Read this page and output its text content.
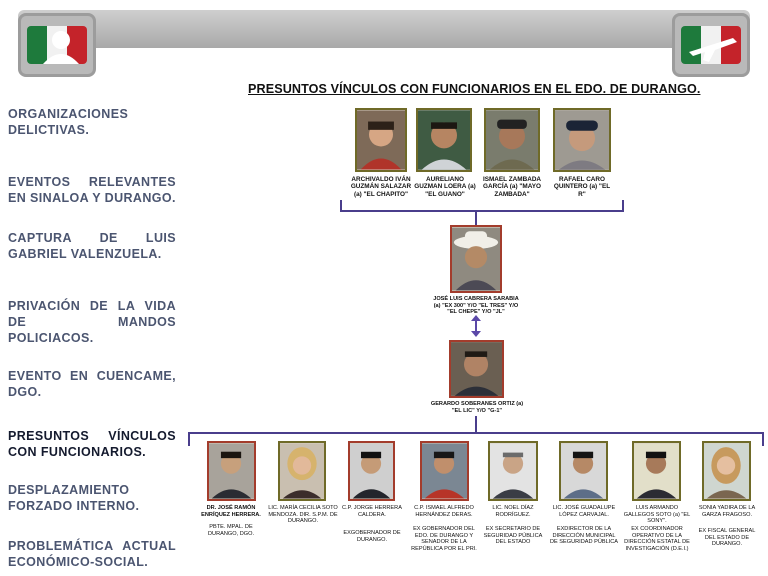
ORGANIZACIONES DELICTIVAS.
EVENTOS RELEVANTES EN SINALOA Y DURANGO.
CAPTURA DE LUIS GABRIEL VALENZUELA.
PRIVACIÓN DE LA VIDA DE MANDOS POLICIACOS.
EVENTO EN CUENCAME, DGO.
PRESUNTOS VÍNCULOS CON FUNCIONARIOS.
DESPLAZAMIENTO FORZADO INTERNO.
PROBLEMÁTICA ACTUAL ECONÓMICO-SOCIAL.
PRESUNTOS VÍNCULOS CON FUNCIONARIOS EN EL EDO. DE DURANGO.
ARCHIVALDO IVÁN GUZMÁN SALAZAR (a) "EL CHAPITO"
AURELIANO GUZMAN LOERA (a) "EL GUANO"
ISMAEL ZAMBADA GARCÍA (a) "MAYO ZAMBADA"
RAFAEL CARO QUINTERO (a) "EL R"
JOSÉ LUIS CABRERA SARABIA (a) "EX 300" Y/O "EL TRES" Y/O "EL CHEPE" Y/O "JL"
GERARDO SOBERANES ORTIZ (a) "EL LIC" Y/O "G-1"
DR. JOSÉ RAMÓN ENRÍQUEZ HERRERA.
LIC. MARÍA CECILIA SOTO MENDOZA. DIR. S.P.M. DE DURANGO.
C.P. JORGE HERRERA CALDERA.
C.P. ISMAEL ALFREDO HERNÁNDEZ DERAS.
LIC. NOEL DÍAZ RODRÍGUEZ.
LIC. JOSÉ GUADALUPE LÓPEZ CARVAJAL.
LUIS ARMANDO GALLEGOS SOTO (a) "EL SONY".
SONIA YADIRA DE LA GARZA FRAGOSO.
PBTE. MPAL. DE DURANGO, DGO.	EXGOBERNADOR DE DURANGO.
EX GOBERNADOR DEL EDO. DE DURANGO Y SENADOR DE LA REPÚBLICA POR EL PRI.
EX SECRETARIO DE SEGURIDAD PÚBLICA DEL ESTADO
EXDIRECTOR DE LA DIRECCIÓN MUNICIPAL DE SEGURIDAD PÚBLICA
EX COORDINADOR OPERATIVO DE LA DIRECCIÓN ESTATAL DE INVESTIGACIÓN (D.E.I.)
EX FISCAL GENERAL DEL ESTADO DE DURANGO.
